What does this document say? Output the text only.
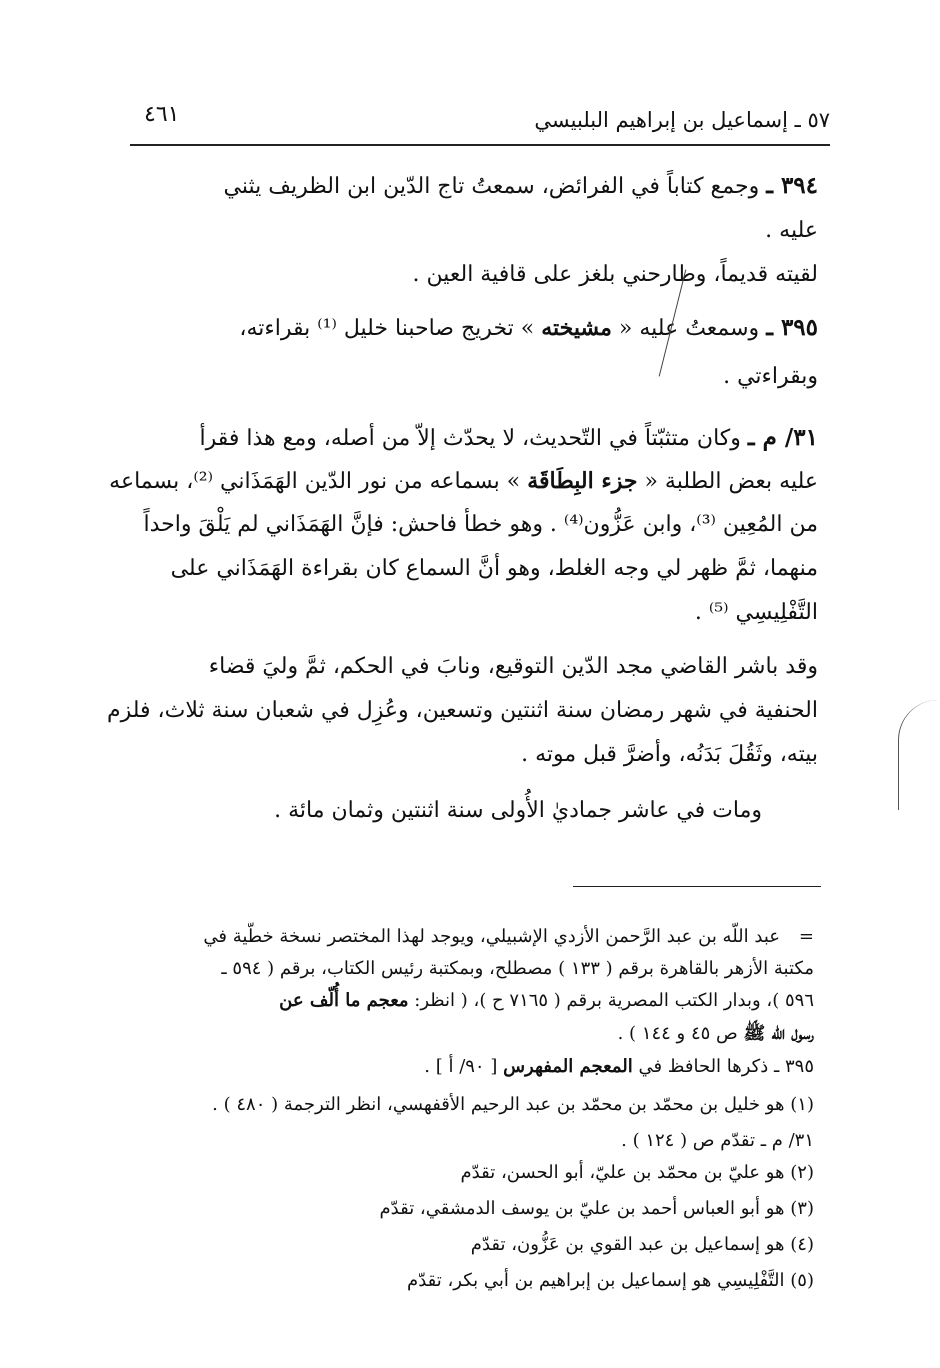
٥٧ ـ إسماعيل بن إبراهيم البلبيسي
٤٦١
٣٩٤ ـ وجمع كتاباً في الفرائض، سمعتُ تاج الدّين ابن الظريف يثني
عليه .
لقيته قديماً، وطارحني بلغز على قافية العين .
٣٩٥ ـ وسمعتُ عليه « مشيخته » تخريج صاحبنا خليل ⁽¹⁾ بقراءته،
وبقراءتي .
٣١/ م ـ وكان متثبّتاً في التّحديث، لا يحدّث إلاّ من أصله، ومع هذا فقرأ
عليه بعض الطلبة « جزء البِطَاقَة » بسماعه من نور الدّين الهَمَذَاني ⁽²⁾، بسماعه
من المُعِين ⁽³⁾، وابن عَزُّون⁽⁴⁾ . وهو خطأ فاحش: فإنَّ الهَمَذَاني لم يَلْقَ واحداً
منهما، ثمَّ ظهر لي وجه الغلط، وهو أنَّ السماع كان بقراءة الهَمَذَاني على
التَّفْلِيسِي ⁽⁵⁾ .
وقد باشر القاضي مجد الدّين التوقيع، ونابَ في الحكم، ثمَّ وليَ قضاء
الحنفية في شهر رمضان سنة اثنتين وتسعين، وعُزِل في شعبان سنة ثلاث، فلزم
بيته، وثَقُلَ بَدَنُه، وأضرَّ قبل موته .
ومات في عاشر جماديٰ الأُولى سنة اثنتين وثمان مائة .
=
عبد اللّه بن عبد الرَّحمن الأزدي الإشبيلي، ويوجد لهذا المختصر نسخة خطّية في
مكتبة الأزهر بالقاهرة برقم ( ١٣٣ ) مصطلح، وبمكتبة رئيس الكتاب، برقم ( ٥٩٤ ـ
٥٩٦ )، وبدار الكتب المصرية برقم ( ٧١٦٥ ح )، ( انظر: معجم ما أُلّف عن
رسول اللّه ﷺ ص ٤٥ و ١٤٤ ) .
٣٩٥ ـ ذكرها الحافظ في المعجم المفهرس [ ٩٠/ أ ] .
(١) هو خليل بن محمّد بن محمّد بن عبد الرحيم الأقفهسي، انظر الترجمة ( ٤٨٠ ) .
٣١/ م ـ تقدّم ص ( ١٢٤ ) .
(٢) هو عليّ بن محمّد بن عليّ، أبو الحسن، تقدّم
(٣) هو أبو العباس أحمد بن عليّ بن يوسف الدمشقي، تقدّم
(٤) هو إسماعيل بن عبد القوي بن عَزُّون، تقدّم
(٥) التَّفْلِيسِي هو إسماعيل بن إبراهيم بن أبي بكر، تقدّم
